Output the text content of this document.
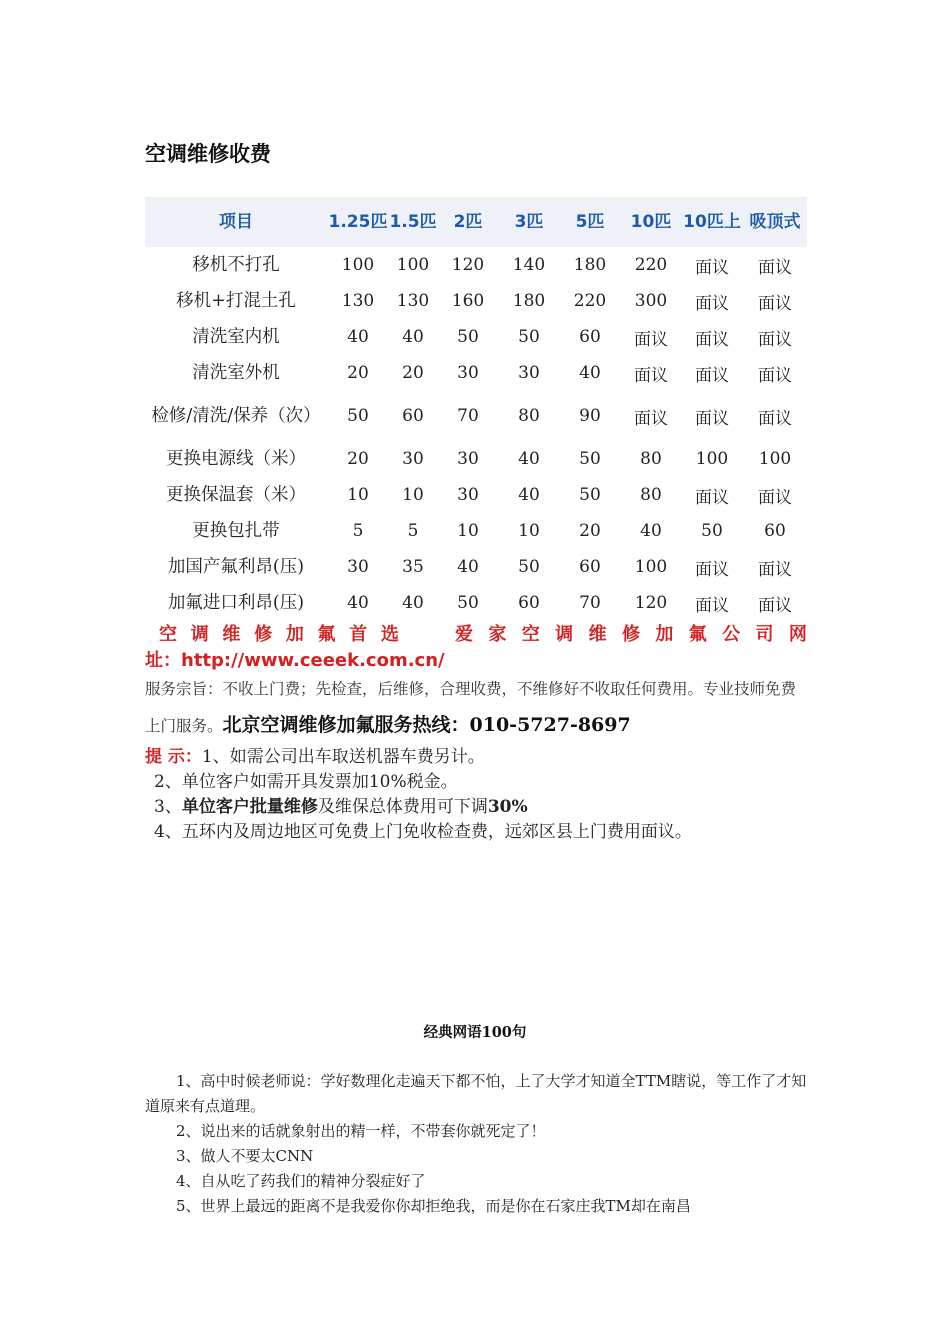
空调维修收费
项目	1.25匹	1.5匹	2匹	3匹	5匹	10匹	10匹上	吸顶式
移机不打孔	100	100	120	140	180	220	面议	面议
移机+打混土孔	130	130	160	180	220	300	面议	面议
清洗室内机	40	40	50	50	60	面议	面议	面议
清洗室外机	20	20	30	30	40	面议	面议	面议
检修/清洗/保养（次）	50	60	70	80	90	面议	面议	面议
更换电源线（米）	20	30	30	40	50	80	100	100
更换保温套（米）	10	10	30	40	50	80	面议	面议
更换包扎带	5	5	10	10	20	40	50	60
加国产氟利昂(压)	30	35	40	50	60	100	面议	面议
加氟进口利昂(压)	40	40	50	60	70	120	面议	面议
空 调 维 修 加 氟 首 选	爱 家 空 调 维 修 加 氟 公 司 网
址：http://www.ceeek.com.cn/
服务宗旨：不收上门费；先检查，后维修，合理收费，不维修好不收取任何费用。专业技师免费上门服务。北京空调维修加氟服务热线：010-5727-8697
提 示：1、如需公司出车取送机器车费另计。
2、单位客户如需开具发票加10%税金。
3、单位客户批量维修及维保总体费用可下调30%
4、五环内及周边地区可免费上门免收检查费，远郊区县上门费用面议。
经典网语100句

1、高中时候老师说：学好数理化走遍天下都不怕，上了大学才知道全TTM瞎说，等工作了才知道原来有点道理。

2、说出来的话就象射出的精一样，不带套你就死定了！

3、做人不要太CNN

4、自从吃了药我们的精神分裂症好了

5、世界上最远的距离不是我爱你你却拒绝我，而是你在石家庄我TM却在南昌
